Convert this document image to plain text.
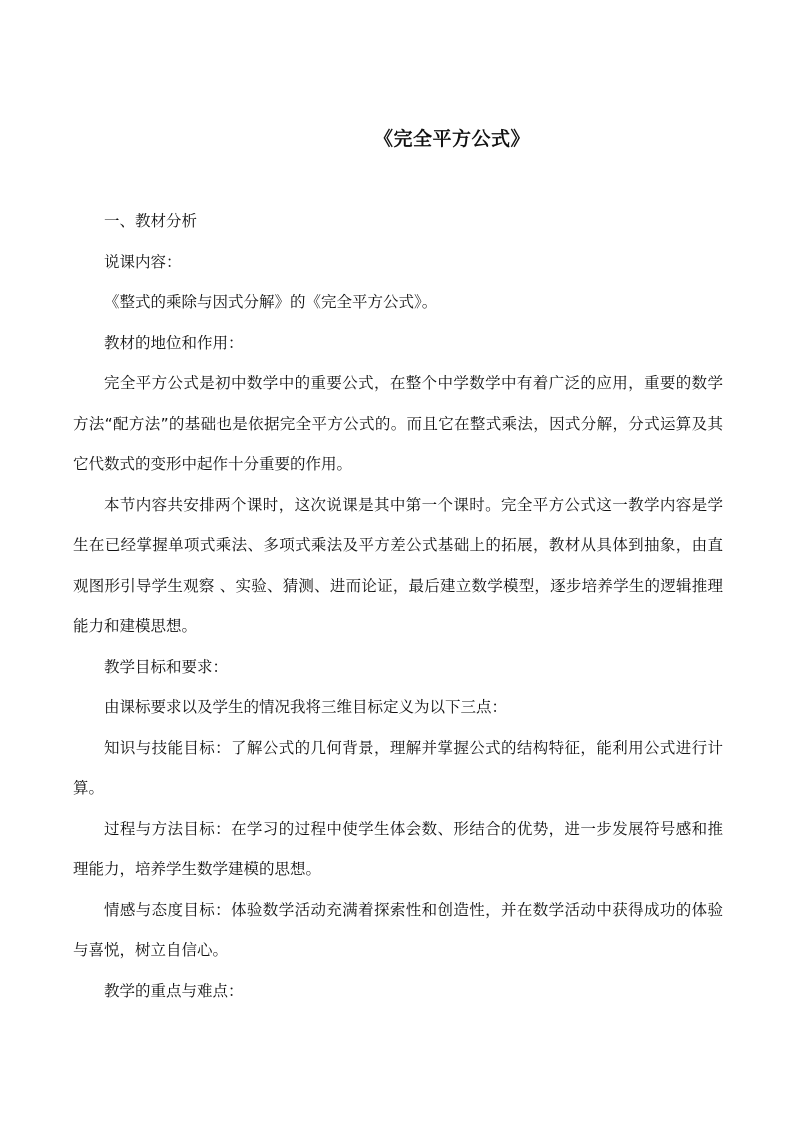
《完全平方公式》

一、教材分析

说课内容：

《整式的乘除与因式分解》的《完全平方公式》。

教材的地位和作用：

完全平方公式是初中数学中的重要公式，在整个中学数学中有着广泛的应用，重要的数学方法“配方法”的基础也是依据完全平方公式的。而且它在整式乘法，因式分解，分式运算及其它代数式的变形中起作十分重要的作用。

本节内容共安排两个课时，这次说课是其中第一个课时。完全平方公式这一教学内容是学生在已经掌握单项式乘法、多项式乘法及平方差公式基础上的拓展，教材从具体到抽象，由直观图形引导学生观察 、实验、猜测、进而论证，最后建立数学模型，逐步培养学生的逻辑推理能力和建模思想。

教学目标和要求：

由课标要求以及学生的情况我将三维目标定义为以下三点：

知识与技能目标：了解公式的几何背景，理解并掌握公式的结构特征，能利用公式进行计算。

过程与方法目标：在学习的过程中使学生体会数、形结合的优势，进一步发展符号感和推理能力，培养学生数学建模的思想。

情感与态度目标：体验数学活动充满着探索性和创造性，并在数学活动中获得成功的体验与喜悦，树立自信心。

教学的重点与难点：
